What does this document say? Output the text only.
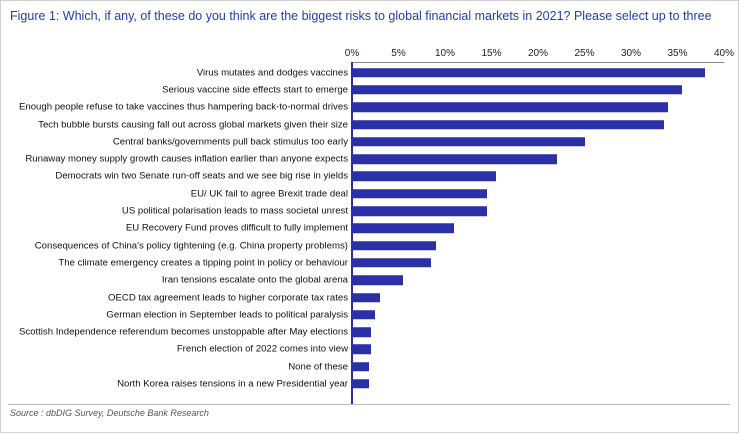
Figure 1: Which, if any, of these do you think are the biggest risks to global financial markets in 2021? Please select up to three
0%	5%	10%	15%	20%	25%	30%	35%	40%
Virus mutates and dodges vaccines
Serious vaccine side effects start to emerge
Enough people refuse to take vaccines thus hampering back-to-normal drives
Tech bubble bursts causing fall out across global markets given their size
Central banks/governments pull back stimulus too early
Runaway money supply growth causes inflation earlier than anyone expects
Democrats win two Senate run-off seats and we see big rise in yields
EU/ UK fail to agree Brexit trade deal
US political polarisation leads to mass societal unrest
EU Recovery Fund proves difficult to fully implement
Consequences of China's policy tightening (e.g. China property problems)
The climate emergency creates a tipping point in policy or behaviour
Iran tensions escalate onto the global arena
OECD tax agreement leads to higher corporate tax rates
German election in September leads to political paralysis
Scottish Independence referendum becomes unstoppable after May elections
French election of 2022 comes into view
None of these
North Korea raises tensions in a new Presidential year
Source : dbDIG Survey, Deutsche Bank Research
